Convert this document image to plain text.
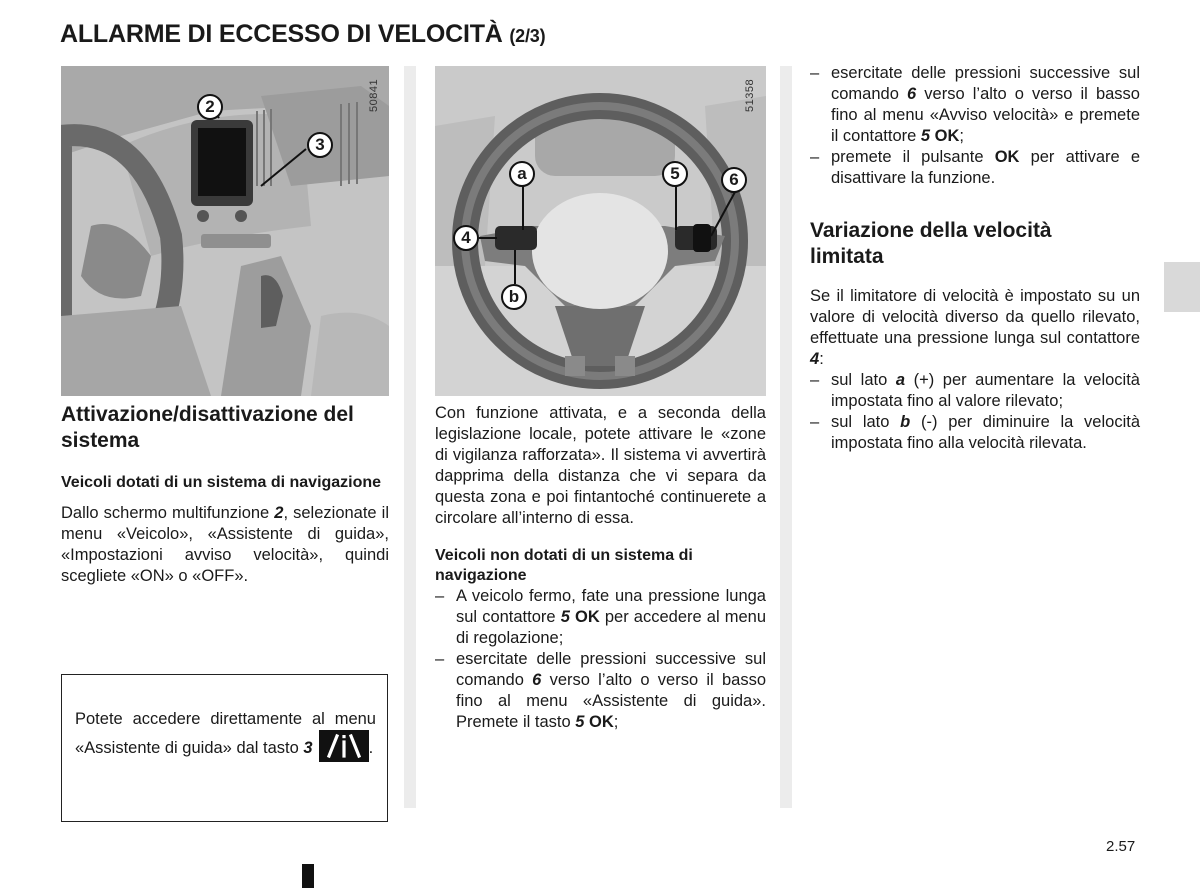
ALLARME DI ECCESSO DI VELOCITÀ (2/3)
2
3
50841
a	5	6
4
b
51358
Attivazione/disattivazione del sistema
Veicoli dotati di un sistema di navigazione
Dallo schermo multifunzione 2, selezionate il menu «Veicolo», «Assistente di guida», «Impostazioni avviso velocità», quindi scegliete «ON» o «OFF».
Potete accedere direttamente al menu «Assistente di guida» dal tasto 3	.
Con funzione attivata, e a seconda della legislazione locale, potete attivare le «zone di vigilanza rafforzata». Il sistema vi avvertirà dapprima della distanza che vi separa da questa zona e poi fintantoché continuerete a circolare all’interno di essa.
Veicoli non dotati di un sistema di navigazione
– A veicolo fermo, fate una pressione lunga sul contattore 5 OK per accedere al menu di regolazione;
– esercitate delle pressioni successive sul comando 6 verso l’alto o verso il basso fino al menu «Assistente di guida». Premete il tasto 5 OK;
– esercitate delle pressioni successive sul comando 6 verso l’alto o verso il basso fino al menu «Avviso velocità» e premete il contattore 5 OK;
– premete il pulsante OK per attivare e disattivare la funzione.
Variazione della velocità limitata
Se il limitatore di velocità è impostato su un valore di velocità diverso da quello rilevato, effettuate una pressione lunga sul contattore 4:
– sul lato a (+) per aumentare la velocità impostata fino al valore rilevato;
– sul lato b (-) per diminuire la velocità impostata fino alla velocità rilevata.
2.57
